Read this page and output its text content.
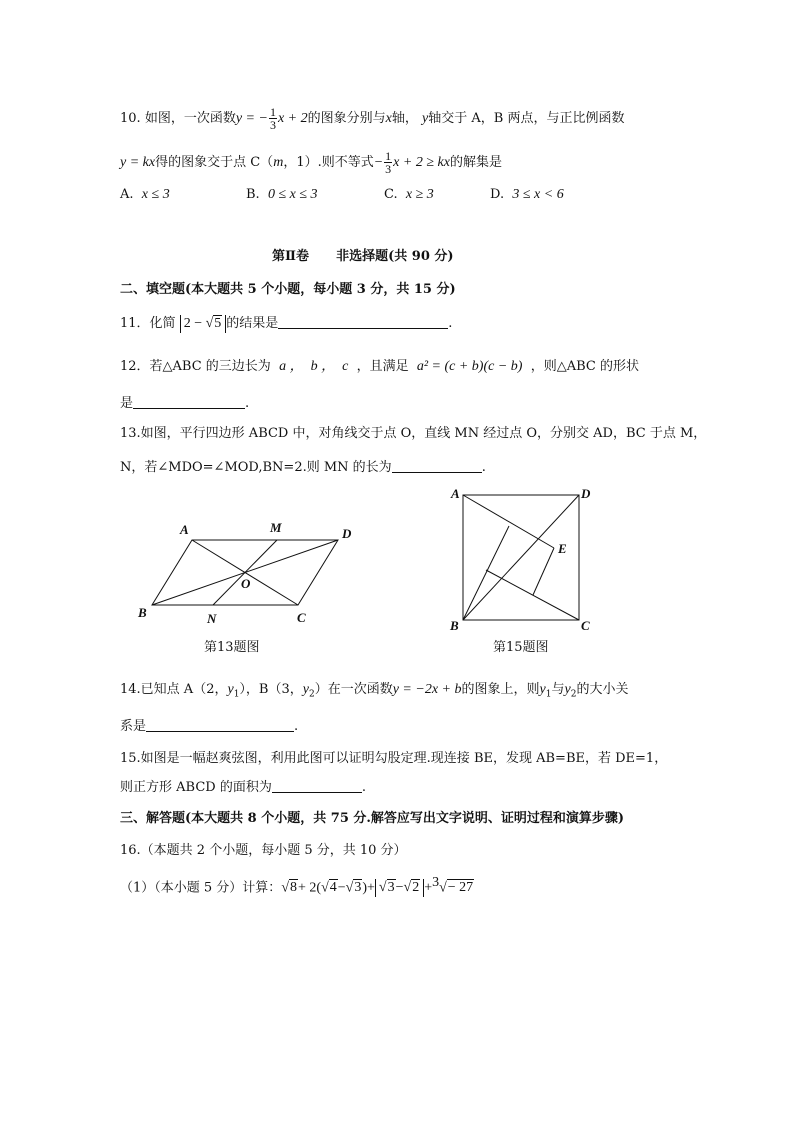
10. 如图，一次函数y = − $\frac{1}{3}$ x + 2的图象分别与x轴， y轴交于 A，B 两点，与正比例函数
y = kx得的图象交于点 C（m，1）.则不等式− $\frac{1}{3}$ x + 2 ≥ kx的解集是
A. x ≤ 3	B. 0 ≤ x ≤ 3	C. x ≥ 3	D. 3 ≤ x < 6
第Ⅱ卷      非选择题(共 90 分)
二、填空题(本大题共 5 个小题，每小题 3 分，共 15 分)
11．化简 2 − √5 的结果是	.
12．若△ABC 的三边长为 a ，  b ，  c ，且满足 a² = (c + b)(c − b) ，则△ABC 的形状
是	.
13.如图，平行四边形 ABCD 中，对角线交于点 O，直线 MN 经过点 O，分别交 AD，BC 于点 M，
N，若∠MDO=∠MOD,BN=2.则 MN 的长为	.
A	M	D
O
B	N	C
第13题图
A	D
E
B	C
第15题图
14.已知点 A（2，$y_1$），B（3，$y_2$）在一次函数y = −2x + b的图象上，则$y_1$与$y_2$的大小关
系是	.
15.如图是一幅赵爽弦图，利用此图可以证明勾股定理.现连接 BE，发现 AB=BE，若 DE=1，
则正方形 ABCD 的面积为	.
三、解答题(本大题共 8 个小题，共 75 分.解答应写出文字说明、证明过程和演算步骤)
16.（本题共 2 个小题，每小题 5 分，共 10 分）
（1）（本小题 5 分）计算：√8+ 2(√4−√3)+ √3−√2 +$^3$√− 27
